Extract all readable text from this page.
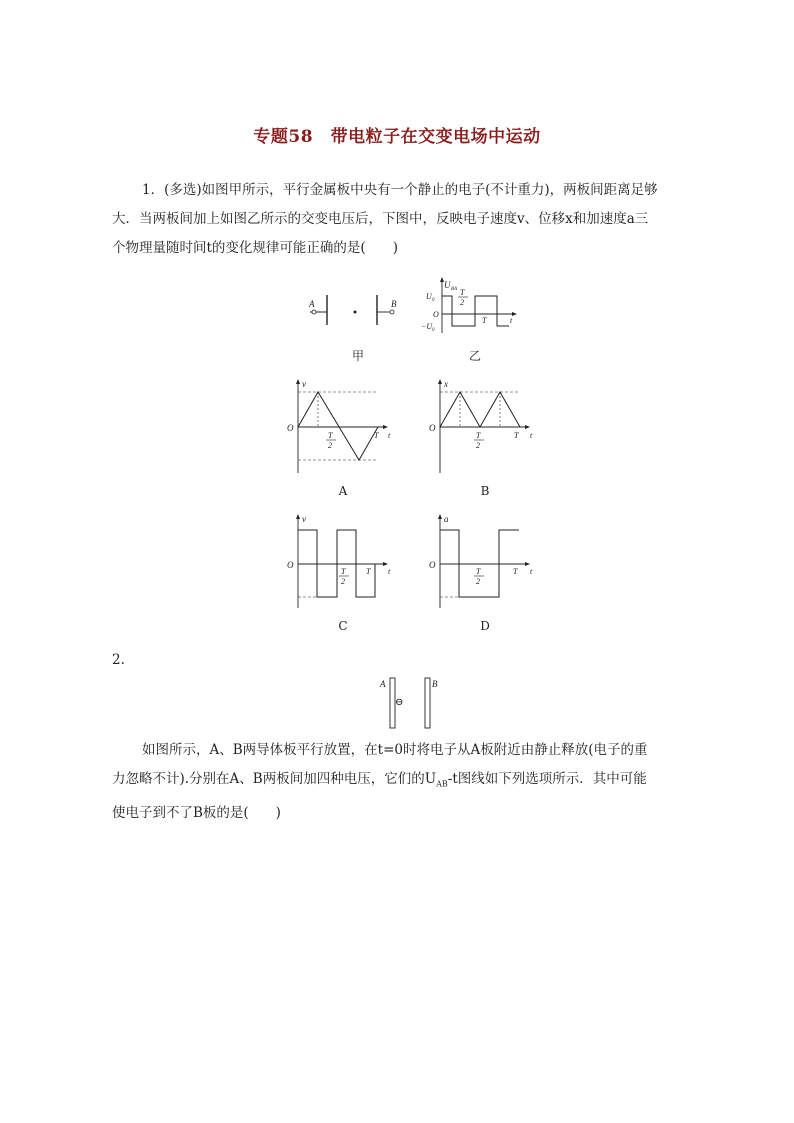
专题58　带电粒子在交变电场中运动
1．(多选)如图甲所示，平行金属板中央有一个静止的电子(不计重力)，两板间距离足够
大．当两板间加上如图乙所示的交变电压后，下图中，反映电子速度v、位移x和加速度a三
个物理量随时间t的变化规律可能正确的是(　　)
A	B
甲
U BA
U 0
O
−U 0
T
2
T	t
乙
v
O
T
2
T t
A
x
O
T
2
T t
B
v
O
T
2
T t
C
a
O
T
2
T t
D
2.
A	B
⊖
如图所示，A、B两导体板平行放置，在t=0时将电子从A板附近由静止释放(电子的重
力忽略不计).分别在A、B两板间加四种电压，它们的$U_{AB}-t$图线如下列选项所示．其中可能
使电子到不了B板的是(　　)
